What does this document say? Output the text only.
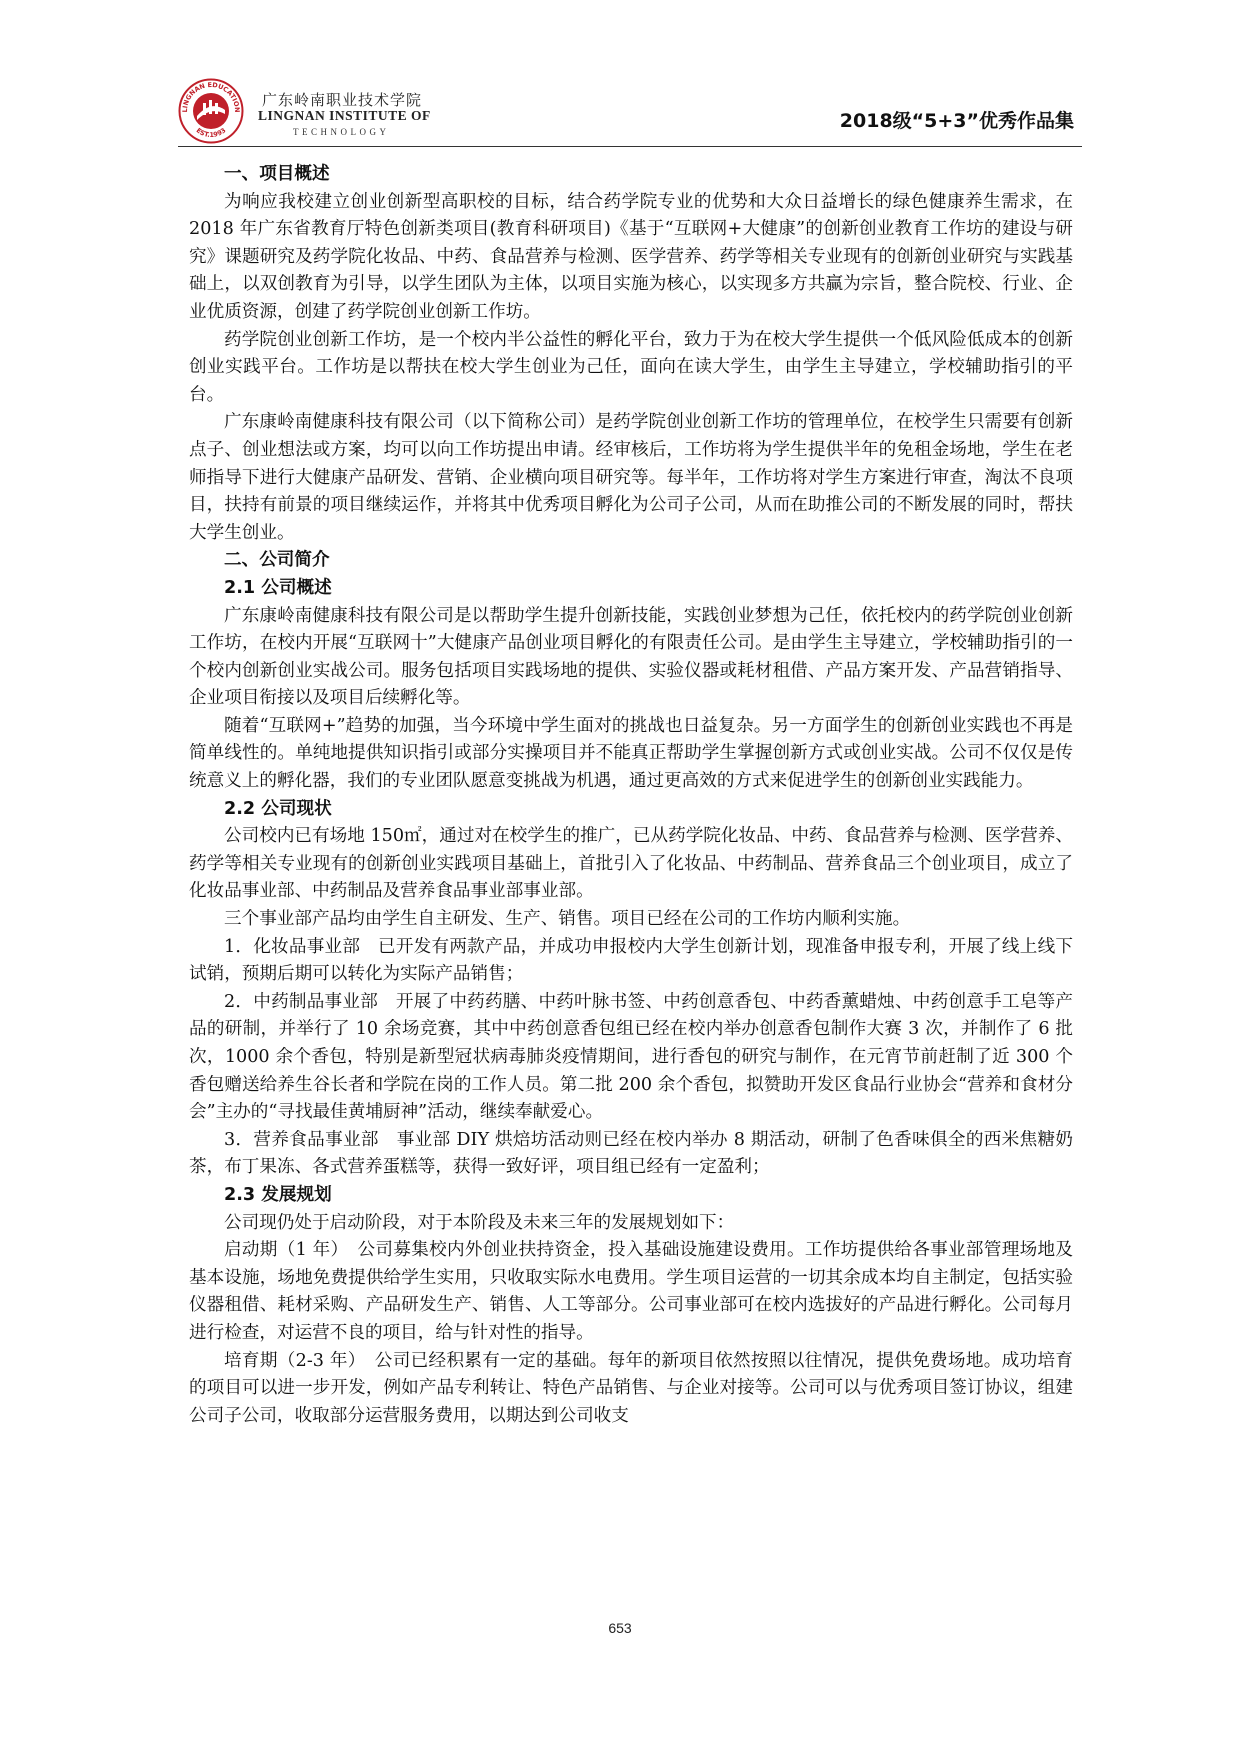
LINGNAN EDUCATION
EST.1993
广东岭南职业技术学院
LINGNAN INSTITUTE OF
TECHNOLOGY	2018级“5+3”优秀作品集
一、项目概述

为响应我校建立创业创新型高职校的目标，结合药学院专业的优势和大众日益增长的绿色健康养生需求，在 2018 年广东省教育厅特色创新类项目(教育科研项目)《基于“互联网+大健康”的创新创业教育工作坊的建设与研究》课题研究及药学院化妆品、中药、食品营养与检测、医学营养、药学等相关专业现有的创新创业研究与实践基础上，以双创教育为引导，以学生团队为主体，以项目实施为核心，以实现多方共赢为宗旨，整合院校、行业、企业优质资源，创建了药学院创业创新工作坊。

药学院创业创新工作坊，是一个校内半公益性的孵化平台，致力于为在校大学生提供一个低风险低成本的创新创业实践平台。工作坊是以帮扶在校大学生创业为己任，面向在读大学生，由学生主导建立，学校辅助指引的平台。

广东康岭南健康科技有限公司（以下简称公司）是药学院创业创新工作坊的管理单位，在校学生只需要有创新点子、创业想法或方案，均可以向工作坊提出申请。经审核后，工作坊将为学生提供半年的免租金场地，学生在老师指导下进行大健康产品研发、营销、企业横向项目研究等。每半年，工作坊将对学生方案进行审查，淘汰不良项目，扶持有前景的项目继续运作，并将其中优秀项目孵化为公司子公司，从而在助推公司的不断发展的同时，帮扶大学生创业。

二、公司简介
2.1 公司概述

广东康岭南健康科技有限公司是以帮助学生提升创新技能，实践创业梦想为己任，依托校内的药学院创业创新工作坊，在校内开展“互联网十”大健康产品创业项目孵化的有限责任公司。是由学生主导建立，学校辅助指引的一个校内创新创业实战公司。服务包括项目实践场地的提供、实验仪器或耗材租借、产品方案开发、产品营销指导、企业项目衔接以及项目后续孵化等。

随着“互联网+”趋势的加强，当今环境中学生面对的挑战也日益复杂。另一方面学生的创新创业实践也不再是简单线性的。单纯地提供知识指引或部分实操项目并不能真正帮助学生掌握创新方式或创业实战。公司不仅仅是传统意义上的孵化器，我们的专业团队愿意变挑战为机遇，通过更高效的方式来促进学生的创新创业实践能力。

2.2 公司现状

公司校内已有场地 150㎡，通过对在校学生的推广，已从药学院化妆品、中药、食品营养与检测、医学营养、药学等相关专业现有的创新创业实践项目基础上，首批引入了化妆品、中药制品、营养食品三个创业项目，成立了化妆品事业部、中药制品及营养食品事业部事业部。

三个事业部产品均由学生自主研发、生产、销售。项目已经在公司的工作坊内顺利实施。

1．化妆品事业部　已开发有两款产品，并成功申报校内大学生创新计划，现准备申报专利，开展了线上线下试销，预期后期可以转化为实际产品销售；

2．中药制品事业部　开展了中药药膳、中药叶脉书签、中药创意香包、中药香薰蜡烛、中药创意手工皂等产品的研制，并举行了 10 余场竞赛，其中中药创意香包组已经在校内举办创意香包制作大赛 3 次，并制作了 6 批次，1000 余个香包，特别是新型冠状病毒肺炎疫情期间，进行香包的研究与制作，在元宵节前赶制了近 300 个香包赠送给养生谷长者和学院在岗的工作人员。第二批 200 余个香包，拟赞助开发区食品行业协会“营养和食材分会”主办的“寻找最佳黄埔厨神”活动，继续奉献爱心。

3．营养食品事业部　事业部 DIY 烘焙坊活动则已经在校内举办 8 期活动，研制了色香味俱全的西米焦糖奶茶，布丁果冻、各式营养蛋糕等，获得一致好评，项目组已经有一定盈利；

2.3 发展规划

公司现仍处于启动阶段，对于本阶段及未来三年的发展规划如下：

启动期（1 年）　公司募集校内外创业扶持资金，投入基础设施建设费用。工作坊提供给各事业部管理场地及基本设施，场地免费提供给学生实用，只收取实际水电费用。学生项目运营的一切其余成本均自主制定，包括实验仪器租借、耗材采购、产品研发生产、销售、人工等部分。公司事业部可在校内选拔好的产品进行孵化。公司每月进行检查，对运营不良的项目，给与针对性的指导。

培育期（2-3 年）　公司已经积累有一定的基础。每年的新项目依然按照以往情况，提供免费场地。成功培育的项目可以进一步开发，例如产品专利转让、特色产品销售、与企业对接等。公司可以与优秀项目签订协议，组建公司子公司，收取部分运营服务费用，以期达到公司收支

653
